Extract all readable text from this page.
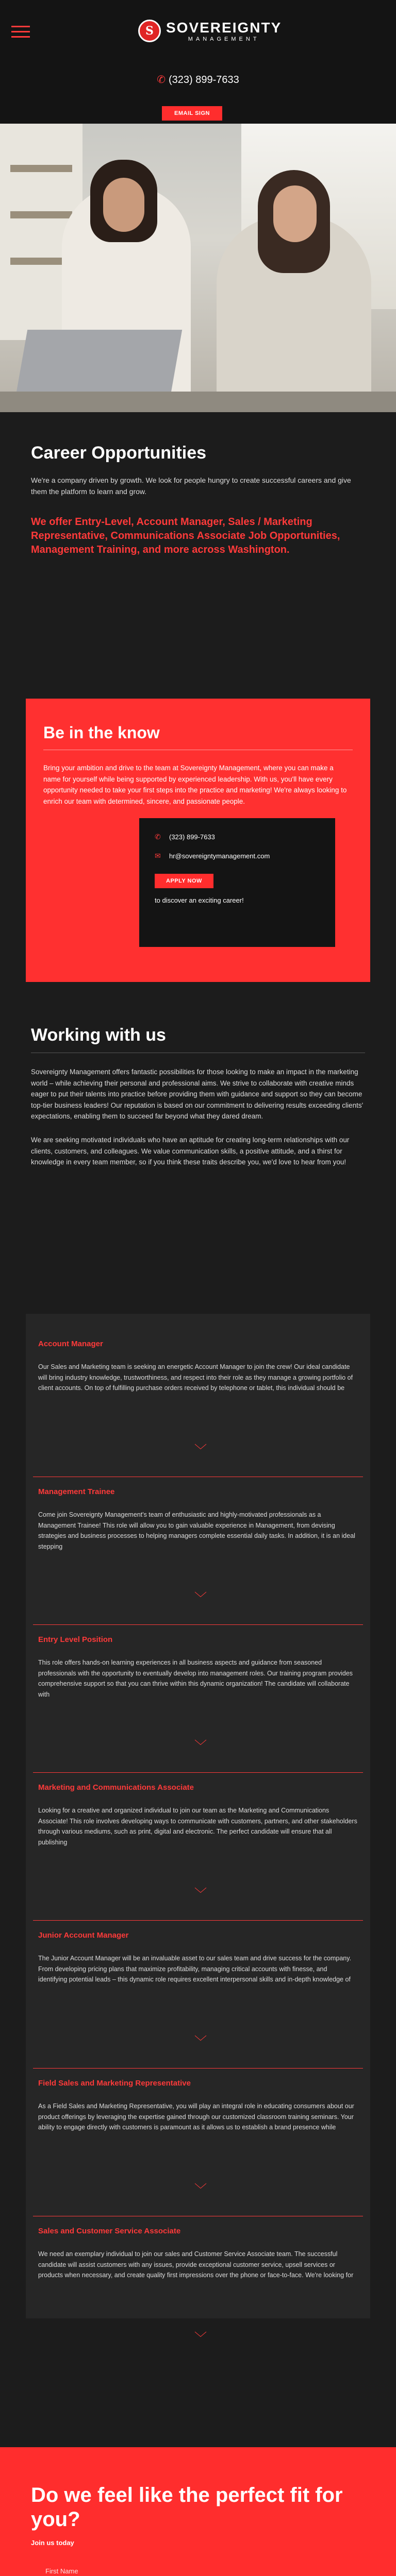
S SOVEREIGNTY
MANAGEMENT
✆ (323) 899-7633
EMAIL SIGN
Career Opportunities

We're a company driven by growth. We look for people hungry to create successful careers and give them the platform to learn and grow.

We offer Entry-Level, Account Manager, Sales / Marketing Representative, Communications Associate Job Opportunities, Management Training, and more across Washington.
Be in the know

Bring your ambition and drive to the team at Sovereignty Management, where you can make a name for yourself while being supported by experienced leadership. With us, you'll have every opportunity needed to take your first steps into the practice and marketing! We're always looking to enrich our team with determined, sincere, and passionate people.

✆	(323) 899-7633
✉	hr@sovereigntymanagement.com
APPLY NOW
to discover an exciting career!
Working with us

Sovereignty Management offers fantastic possibilities for those looking to make an impact in the marketing world – while achieving their personal and professional aims. We strive to collaborate with creative minds eager to put their talents into practice before providing them with guidance and support so they can become top-tier business leaders! Our reputation is based on our commitment to delivering results exceeding clients' expectations, enabling them to succeed far beyond what they dared dream.

We are seeking motivated individuals who have an aptitude for creating long-term relationships with our clients, customers, and colleagues. We value communication skills, a positive attitude, and a thirst for knowledge in every team member, so if you think these traits describe you, we'd love to hear from you!

Account Manager

Our Sales and Marketing team is seeking an energetic Account Manager to join the crew! Our ideal candidate will bring industry knowledge, trustworthiness, and respect into their role as they manage a growing portfolio of client accounts. On top of fulfilling purchase orders received by telephone or tablet, this individual should be

﹀
Management Trainee

Come join Sovereignty Management's team of enthusiastic and highly-motivated professionals as a Management Trainee! This role will allow you to gain valuable experience in Management, from devising strategies and business processes to helping managers complete essential daily tasks. In addition, it is an ideal stepping

﹀
Entry Level Position

This role offers hands-on learning experiences in all business aspects and guidance from seasoned professionals with the opportunity to eventually develop into management roles. Our training program provides comprehensive support so that you can thrive within this dynamic organization! The candidate will collaborate with

﹀
Marketing and Communications Associate

Looking for a creative and organized individual to join our team as the Marketing and Communications Associate! This role involves developing ways to communicate with customers, partners, and other stakeholders through various mediums, such as print, digital and electronic. The perfect candidate will ensure that all publishing

﹀
Junior Account Manager

The Junior Account Manager will be an invaluable asset to our sales team and drive success for the company. From developing pricing plans that maximize profitability, managing critical accounts with finesse, and identifying potential leads – this dynamic role requires excellent interpersonal skills and in-depth knowledge of

﹀
Field Sales and Marketing Representative

As a Field Sales and Marketing Representative, you will play an integral role in educating consumers about our product offerings by leveraging the expertise gained through our customized classroom training seminars. Your ability to engage directly with customers is paramount as it allows us to establish a brand presence while

﹀
Sales and Customer Service Associate

We need an exemplary individual to join our sales and Customer Service Associate team. The successful candidate will assist customers with any issues, provide exceptional customer service, upsell services or products when necessary, and create quality first impressions over the phone or face-to-face. We're looking for

﹀
Do we feel like the perfect fit for you?
Join us today
First Name
